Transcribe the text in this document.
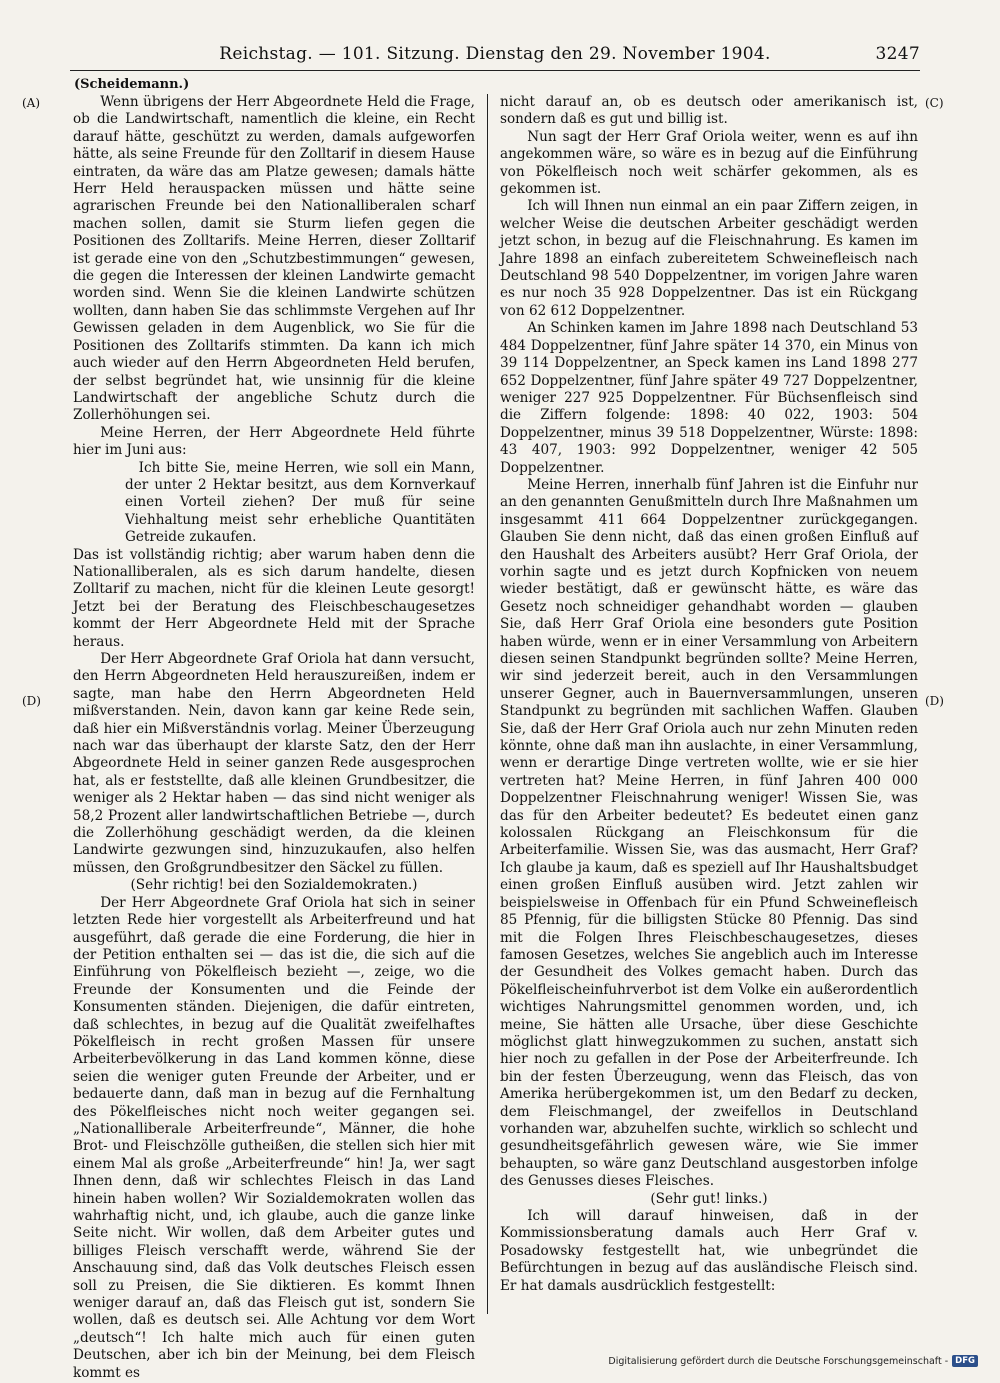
Reichstag. — 101. Sitzung. Dienstag den 29. November 1904.	3247
(Scheidemann.)
(A)	(C)
(D)	(D)

Wenn übrigens der Herr Abgeordnete Held die Frage, ob die Landwirtschaft, namentlich die kleine, ein Recht darauf hätte, geschützt zu werden, damals aufgeworfen hätte, als seine Freunde für den Zolltarif in diesem Hause eintraten, da wäre das am Platze gewesen; damals hätte Herr Held herauspacken müssen und hätte seine agrarischen Freunde bei den Nationalliberalen scharf machen sollen, damit sie Sturm liefen gegen die Positionen des Zolltarifs. Meine Herren, dieser Zolltarif ist gerade eine von den „Schutzbestimmungen“ gewesen, die gegen die Interessen der kleinen Landwirte gemacht worden sind. Wenn Sie die kleinen Landwirte schützen wollten, dann haben Sie das schlimmste Vergehen auf Ihr Gewissen geladen in dem Augenblick, wo Sie für die Positionen des Zolltarifs stimmten. Da kann ich mich auch wieder auf den Herrn Abgeordneten Held berufen, der selbst begründet hat, wie unsinnig für die kleine Landwirtschaft der angebliche Schutz durch die Zollerhöhungen sei.

Meine Herren, der Herr Abgeordnete Held führte hier im Juni aus:

Ich bitte Sie, meine Herren, wie soll ein Mann, der unter 2 Hektar besitzt, aus dem Kornverkauf einen Vorteil ziehen? Der muß für seine Viehhaltung meist sehr erhebliche Quantitäten Getreide zukaufen.

Das ist vollständig richtig; aber warum haben denn die Nationalliberalen, als es sich darum handelte, diesen Zolltarif zu machen, nicht für die kleinen Leute gesorgt! Jetzt bei der Beratung des Fleischbeschaugesetzes kommt der Herr Abgeordnete Held mit der Sprache heraus.

Der Herr Abgeordnete Graf Oriola hat dann versucht, den Herrn Abgeordneten Held herauszureißen, indem er sagte, man habe den Herrn Abgeordneten Held mißverstanden. Nein, davon kann gar keine Rede sein, daß hier ein Mißverständnis vorlag. Meiner Überzeugung nach war das überhaupt der klarste Satz, den der Herr Abgeordnete Held in seiner ganzen Rede ausgesprochen hat, als er feststellte, daß alle kleinen Grundbesitzer, die weniger als 2 Hektar haben — das sind nicht weniger als 58,2 Prozent aller landwirtschaftlichen Betriebe —, durch die Zollerhöhung geschädigt werden, da die kleinen Landwirte gezwungen sind, hinzuzukaufen, also helfen müssen, den Großgrundbesitzer den Säckel zu füllen.

(Sehr richtig! bei den Sozialdemokraten.)

Der Herr Abgeordnete Graf Oriola hat sich in seiner letzten Rede hier vorgestellt als Arbeiterfreund und hat ausgeführt, daß gerade die eine Forderung, die hier in der Petition enthalten sei — das ist die, die sich auf die Einführung von Pökelfleisch bezieht —, zeige, wo die Freunde der Konsumenten und die Feinde der Konsumenten ständen. Diejenigen, die dafür eintreten, daß schlechtes, in bezug auf die Qualität zweifelhaftes Pökelfleisch in recht großen Massen für unsere Arbeiterbevölkerung in das Land kommen könne, diese seien die weniger guten Freunde der Arbeiter, und er bedauerte dann, daß man in bezug auf die Fernhaltung des Pökelfleisches nicht noch weiter gegangen sei. „Nationalliberale Arbeiterfreunde“, Männer, die hohe Brot- und Fleischzölle gutheißen, die stellen sich hier mit einem Mal als große „Arbeiterfreunde“ hin! Ja, wer sagt Ihnen denn, daß wir schlechtes Fleisch in das Land hinein haben wollen? Wir Sozialdemokraten wollen das wahrhaftig nicht, und, ich glaube, auch die ganze linke Seite nicht. Wir wollen, daß dem Arbeiter gutes und billiges Fleisch verschafft werde, während Sie der Anschauung sind, daß das Volk deutsches Fleisch essen soll zu Preisen, die Sie diktieren. Es kommt Ihnen weniger darauf an, daß das Fleisch gut ist, sondern Sie wollen, daß es deutsch sei. Alle Achtung vor dem Wort „deutsch“! Ich halte mich auch für einen guten Deutschen, aber ich bin der Meinung, bei dem Fleisch kommt es

nicht darauf an, ob es deutsch oder amerikanisch ist, sondern daß es gut und billig ist.

Nun sagt der Herr Graf Oriola weiter, wenn es auf ihn angekommen wäre, so wäre es in bezug auf die Einführung von Pökelfleisch noch weit schärfer gekommen, als es gekommen ist.

Ich will Ihnen nun einmal an ein paar Ziffern zeigen, in welcher Weise die deutschen Arbeiter geschädigt werden jetzt schon, in bezug auf die Fleischnahrung. Es kamen im Jahre 1898 an einfach zubereitetem Schweinefleisch nach Deutschland 98 540 Doppelzentner, im vorigen Jahre waren es nur noch 35 928 Doppelzentner. Das ist ein Rückgang von 62 612 Doppelzentner.

An Schinken kamen im Jahre 1898 nach Deutschland 53 484 Doppelzentner, fünf Jahre später 14 370, ein Minus von 39 114 Doppelzentner, an Speck kamen ins Land 1898 277 652 Doppelzentner, fünf Jahre später 49 727 Doppelzentner, weniger 227 925 Doppelzentner. Für Büchsenfleisch sind die Ziffern folgende: 1898: 40 022, 1903: 504 Doppelzentner, minus 39 518 Doppelzentner, Würste: 1898: 43 407, 1903: 992 Doppelzentner, weniger 42 505 Doppelzentner.

Meine Herren, innerhalb fünf Jahren ist die Einfuhr nur an den genannten Genußmitteln durch Ihre Maßnahmen um insgesammt 411 664 Doppelzentner zurückgegangen. Glauben Sie denn nicht, daß das einen großen Einfluß auf den Haushalt des Arbeiters ausübt? Herr Graf Oriola, der vorhin sagte und es jetzt durch Kopfnicken von neuem wieder bestätigt, daß er gewünscht hätte, es wäre das Gesetz noch schneidiger gehandhabt worden — glauben Sie, daß Herr Graf Oriola eine besonders gute Position haben würde, wenn er in einer Versammlung von Arbeitern diesen seinen Standpunkt begründen sollte? Meine Herren, wir sind jederzeit bereit, auch in den Versammlungen unserer Gegner, auch in Bauernversammlungen, unseren Standpunkt zu begründen mit sachlichen Waffen. Glauben Sie, daß der Herr Graf Oriola auch nur zehn Minuten reden könnte, ohne daß man ihn auslachte, in einer Versammlung, wenn er derartige Dinge vertreten wollte, wie er sie hier vertreten hat? Meine Herren, in fünf Jahren 400 000 Doppelzentner Fleischnahrung weniger! Wissen Sie, was das für den Arbeiter bedeutet? Es bedeutet einen ganz kolossalen Rückgang an Fleischkonsum für die Arbeiterfamilie. Wissen Sie, was das ausmacht, Herr Graf? Ich glaube ja kaum, daß es speziell auf Ihr Haushaltsbudget einen großen Einfluß ausüben wird. Jetzt zahlen wir beispielsweise in Offenbach für ein Pfund Schweinefleisch 85 Pfennig, für die billigsten Stücke 80 Pfennig. Das sind mit die Folgen Ihres Fleischbeschaugesetzes, dieses famosen Gesetzes, welches Sie angeblich auch im Interesse der Gesundheit des Volkes gemacht haben. Durch das Pökelfleischeinfuhrverbot ist dem Volke ein außerordentlich wichtiges Nahrungsmittel genommen worden, und, ich meine, Sie hätten alle Ursache, über diese Geschichte möglichst glatt hinwegzukommen zu suchen, anstatt sich hier noch zu gefallen in der Pose der Arbeiterfreunde. Ich bin der festen Überzeugung, wenn das Fleisch, das von Amerika herübergekommen ist, um den Bedarf zu decken, dem Fleischmangel, der zweifellos in Deutschland vorhanden war, abzuhelfen suchte, wirklich so schlecht und gesundheitsgefährlich gewesen wäre, wie Sie immer behaupten, so wäre ganz Deutschland ausgestorben infolge des Genusses dieses Fleisches.

(Sehr gut! links.)

Ich will darauf hinweisen, daß in der Kommissionsberatung damals auch Herr Graf v. Posadowsky festgestellt hat, wie unbegründet die Befürchtungen in bezug auf das ausländische Fleisch sind. Er hat damals ausdrücklich festgestellt:

Digitalisierung gefördert durch die Deutsche Forschungsgemeinschaft - DFG
